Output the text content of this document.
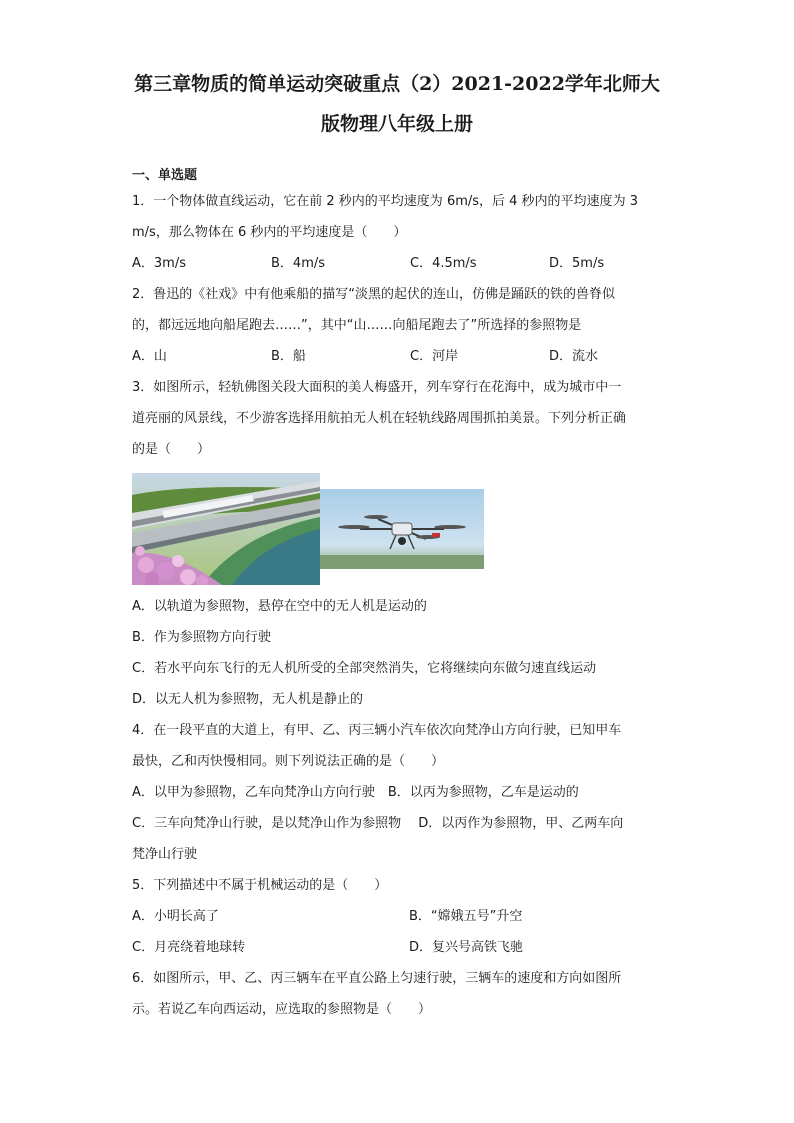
第三章物质的简单运动突破重点（2）2021-2022学年北师大
版物理八年级上册
一、单选题
1．一个物体做直线运动，它在前 2 秒内的平均速度为 6m/s，后 4 秒内的平均速度为 3
m/s，那么物体在 6 秒内的平均速度是（　　）
A．3m/s	B．4m/s	C．4.5m/s	D．5m/s
2．鲁迅的《社戏》中有他乘船的描写“淡黑的起伏的连山，仿佛是踊跃的铁的兽脊似
的，都远远地向船尾跑去……”，其中“山……向船尾跑去了”所选择的参照物是
A．山	B．船	C．河岸	D．流水
3．如图所示，轻轨佛图关段大面积的美人梅盛开，列车穿行在花海中，成为城市中一
道亮丽的风景线，不少游客选择用航拍无人机在轻轨线路周围抓拍美景。下列分析正确
的是（　　）
A．以轨道为参照物，悬停在空中的无人机是运动的
B．作为参照物方向行驶
C．若水平向东飞行的无人机所受的全部突然消失，它将继续向东做匀速直线运动
D．以无人机为参照物，无人机是静止的
4．在一段平直的大道上，有甲、乙、丙三辆小汽车依次向梵净山方向行驶，已知甲车
最快，乙和丙快慢相同。则下列说法正确的是（　　）
A．以甲为参照物，乙车向梵净山方向行驶　B．以丙为参照物，乙车是运动的
C．三车向梵净山行驶，是以梵净山作为参照物　 D．以丙作为参照物，甲、乙两车向
梵净山行驶
5．下列描述中不属于机械运动的是（　　）
A．小明长高了	B．“嫦娥五号”升空
C．月亮绕着地球转	D．复兴号高铁飞驰
6．如图所示，甲、乙、丙三辆车在平直公路上匀速行驶，三辆车的速度和方向如图所
示。若说乙车向西运动，应选取的参照物是（　　）
